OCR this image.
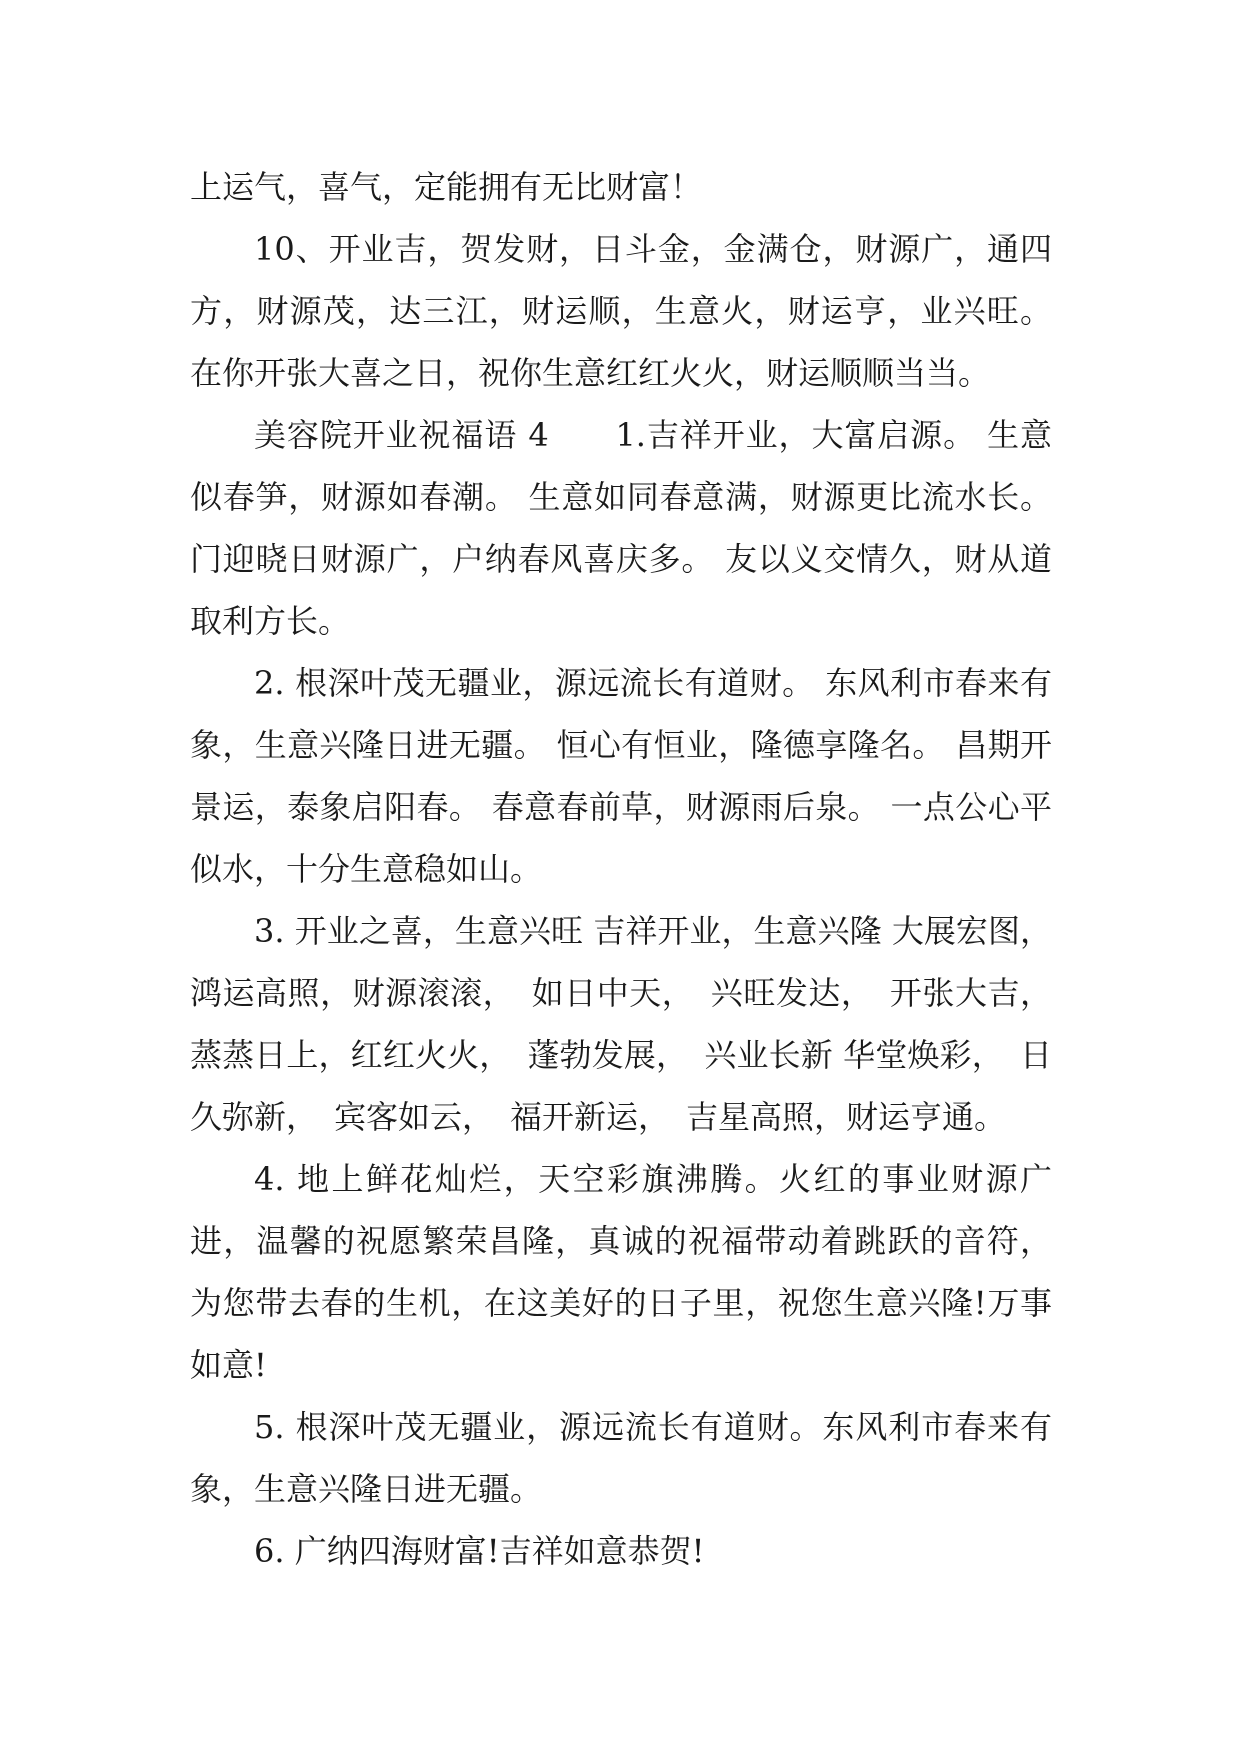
上运气，喜气，定能拥有无比财富！

10、开业吉，贺发财，日斗金，金满仓，财源广，通四方，财源茂，达三江，财运顺，生意火，财运亨，业兴旺。在你开张大喜之日，祝你生意红红火火，财运顺顺当当。

美容院开业祝福语 4　　1.吉祥开业，大富启源。 生意似春笋，财源如春潮。 生意如同春意满，财源更比流水长。 门迎晓日财源广，户纳春风喜庆多。 友以义交情久，财从道取利方长。

2. 根深叶茂无疆业，源远流长有道财。 东风利市春来有象，生意兴隆日进无疆。 恒心有恒业，隆德享隆名。 昌期开景运，泰象启阳春。 春意春前草，财源雨后泉。 一点公心平似水，十分生意稳如山。

3. 开业之喜，生意兴旺 吉祥开业，生意兴隆 大展宏图，鸿运高照，财源滚滚，　如日中天，　兴旺发达，　开张大吉，蒸蒸日上，红红火火，　蓬勃发展，　兴业长新 华堂焕彩，　日久弥新，　宾客如云，　福开新运，　吉星高照，财运亨通。

4. 地上鲜花灿烂，天空彩旗沸腾。火红的事业财源广进，温馨的祝愿繁荣昌隆，真诚的祝福带动着跳跃的音符，为您带去春的生机，在这美好的日子里，祝您生意兴隆!万事如意!

5. 根深叶茂无疆业，源远流长有道财。东风利市春来有象，生意兴隆日进无疆。

6. 广纳四海财富!吉祥如意恭贺!
